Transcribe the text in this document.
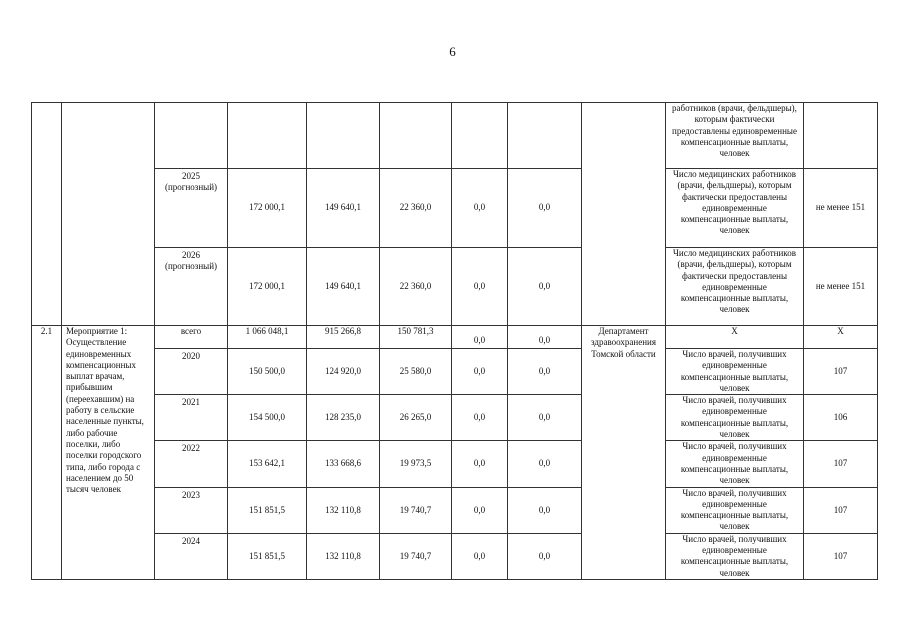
6
									работников (врачи, фельдшеры), которым фактически предоставлены единовременные компенсационные выплаты, человек	
		2025 (прогнозный)	172 000,1	149 640,1	22 360,0	0,0	0,0		Число медицинских работников (врачи, фельдшеры), которым фактически предоставлены единовременные компенсационные выплаты, человек	не менее 151
		2026 (прогнозный)	172 000,1	149 640,1	22 360,0	0,0	0,0		Число медицинских работников (врачи, фельдшеры), которым фактически предоставлены единовременные компенсационные выплаты, человек	не менее 151
2.1	Мероприятие 1: Осуществление единовременных компенсационных выплат врачам, прибывшим (переехавшим) на работу в сельские населенные пункты, либо рабочие поселки, либо поселки городского типа, либо города с населением до 50 тысяч человек	всего	1 066 048,1	915 266,8	150 781,3	0,0	0,0	Департамент здравоохранения Томской области	Х	Х
		2020	150 500,0	124 920,0	25 580,0	0,0	0,0		Число врачей, получивших единовременные компенсационные выплаты, человек	107
		2021	154 500,0	128 235,0	26 265,0	0,0	0,0		Число врачей, получивших единовременные компенсационные выплаты, человек	106
		2022	153 642,1	133 668,6	19 973,5	0,0	0,0		Число врачей, получивших единовременные компенсационные выплаты, человек	107
		2023	151 851,5	132 110,8	19 740,7	0,0	0,0		Число врачей, получивших единовременные компенсационные выплаты, человек	107
		2024	151 851,5	132 110,8	19 740,7	0,0	0,0		Число врачей, получивших единовременные компенсационные выплаты, человек	107
